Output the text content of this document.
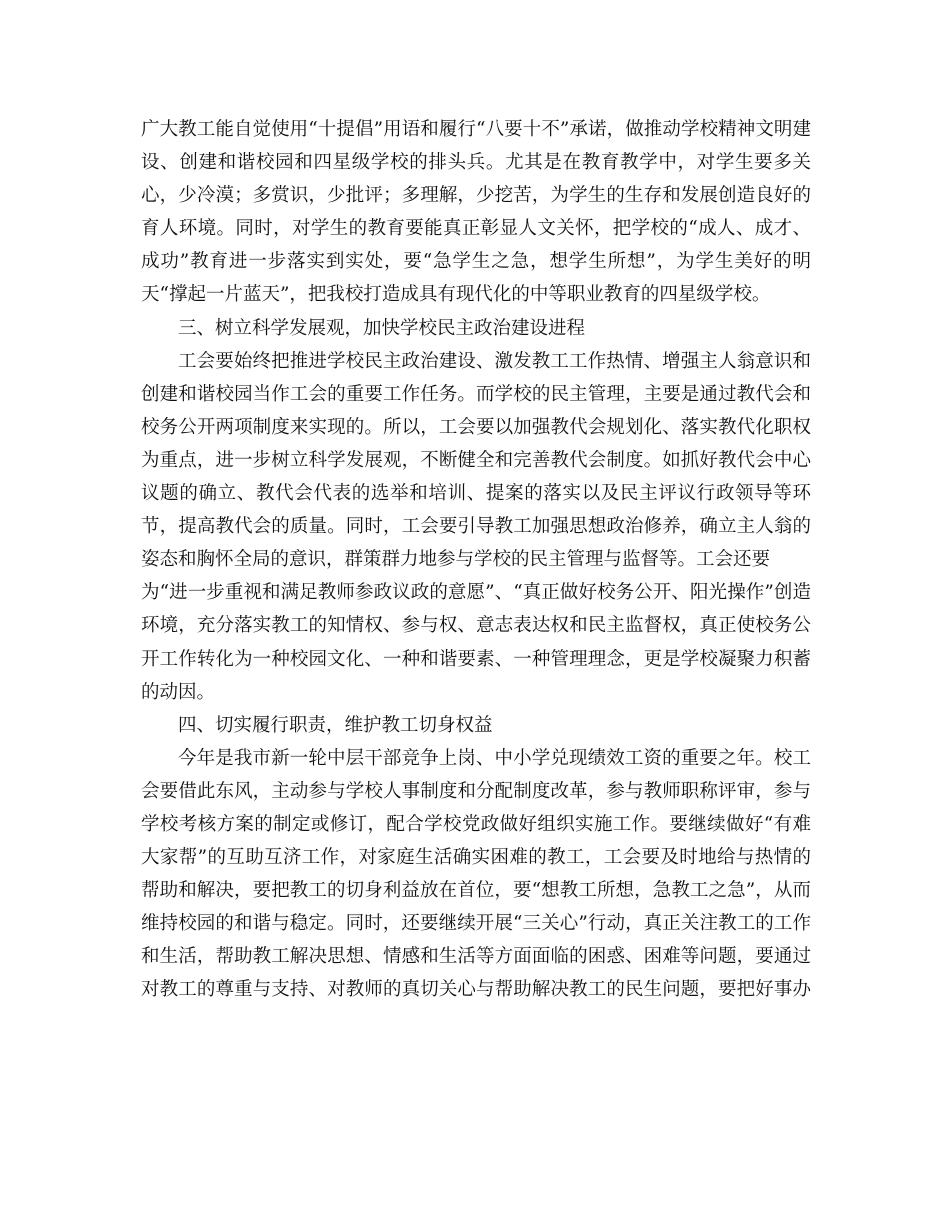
广大教工能自觉使用“十提倡”用语和履行“八要十不”承诺，做推动学校精神文明建
设、创建和谐校园和四星级学校的排头兵。尤其是在教育教学中，对学生要多关
心，少冷漠；多赏识，少批评；多理解，少挖苦，为学生的生存和发展创造良好的
育人环境。同时，对学生的教育要能真正彰显人文关怀，把学校的“成人、成才、
成功”教育进一步落实到实处，要“急学生之急，想学生所想”，为学生美好的明
天“撑起一片蓝天”，把我校打造成具有现代化的中等职业教育的四星级学校。
三、树立科学发展观，加快学校民主政治建设进程
工会要始终把推进学校民主政治建设、激发教工工作热情、增强主人翁意识和
创建和谐校园当作工会的重要工作任务。而学校的民主管理，主要是通过教代会和
校务公开两项制度来实现的。所以，工会要以加强教代会规划化、落实教代化职权
为重点，进一步树立科学发展观，不断健全和完善教代会制度。如抓好教代会中心
议题的确立、教代会代表的选举和培训、提案的落实以及民主评议行政领导等环
节，提高教代会的质量。同时，工会要引导教工加强思想政治修养，确立主人翁的
姿态和胸怀全局的意识，群策群力地参与学校的民主管理与监督等。工会还要
为“进一步重视和满足教师参政议政的意愿”、“真正做好校务公开、阳光操作”创造
环境，充分落实教工的知情权、参与权、意志表达权和民主监督权，真正使校务公
开工作转化为一种校园文化、一种和谐要素、一种管理理念，更是学校凝聚力积蓄
的动因。
四、切实履行职责，维护教工切身权益
今年是我市新一轮中层干部竞争上岗、中小学兑现绩效工资的重要之年。校工
会要借此东风，主动参与学校人事制度和分配制度改革，参与教师职称评审，参与
学校考核方案的制定或修订，配合学校党政做好组织实施工作。要继续做好“有难
大家帮”的互助互济工作，对家庭生活确实困难的教工，工会要及时地给与热情的
帮助和解决，要把教工的切身利益放在首位，要“想教工所想，急教工之急”，从而
维持校园的和谐与稳定。同时，还要继续开展“三关心”行动，真正关注教工的工作
和生活，帮助教工解决思想、情感和生活等方面面临的困惑、困难等问题，要通过
对教工的尊重与支持、对教师的真切关心与帮助解决教工的民生问题，要把好事办
